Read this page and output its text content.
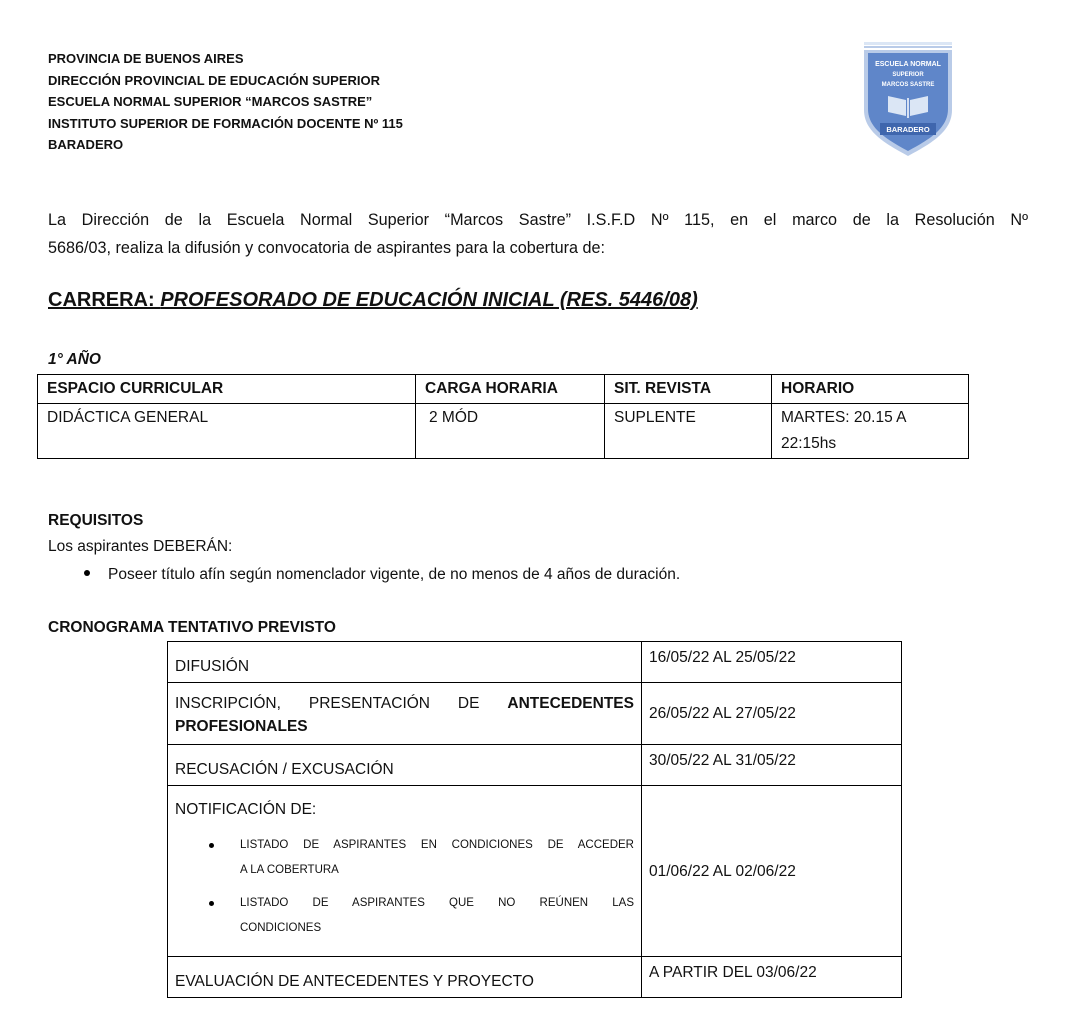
PROVINCIA DE BUENOS AIRES
DIRECCIÓN PROVINCIAL DE EDUCACIÓN SUPERIOR
ESCUELA NORMAL SUPERIOR “MARCOS SASTRE”
INSTITUTO SUPERIOR DE FORMACIÓN DOCENTE Nº 115
BARADERO
ESCUELA NORMAL
SUPERIOR
MARCOS SASTRE
BARADERO
La Dirección de la Escuela Normal Superior “Marcos Sastre” I.S.F.D Nº 115, en el marco de la Resolución Nº
5686/03, realiza la difusión y convocatoria de aspirantes para la cobertura de:
CARRERA: PROFESORADO DE EDUCACIÓN INICIAL (RES. 5446/08)
1° AÑO
ESPACIO CURRICULAR	CARGA HORARIA	SIT. REVISTA	HORARIO
DIDÁCTICA GENERAL	2 MÓD	SUPLENTE	MARTES: 20.15 A
22:15hs
REQUISITOS
Los aspirantes DEBERÁN:
Poseer título afín según nomenclador vigente, de no menos de 4 años de duración.
CRONOGRAMA TENTATIVO PREVISTO
DIFUSIÓN	16/05/22 AL 25/05/22

INSCRIPCIÓN, PRESENTACIÓN DE ANTECEDENTES
PROFESIONALES	26/05/22 AL 27/05/22
RECUSACIÓN / EXCUSACIÓN	30/05/22 AL 31/05/22

NOTIFICACIÓN DE:
LISTADO DE ASPIRANTES EN CONDICIONES DE ACCEDER
A LA COBERTURA
LISTADO DE ASPIRANTES QUE NO REÚNEN LAS
CONDICIONES	01/06/22 AL 02/06/22
EVALUACIÓN DE ANTECEDENTES Y PROYECTO	A PARTIR DEL 03/06/22
